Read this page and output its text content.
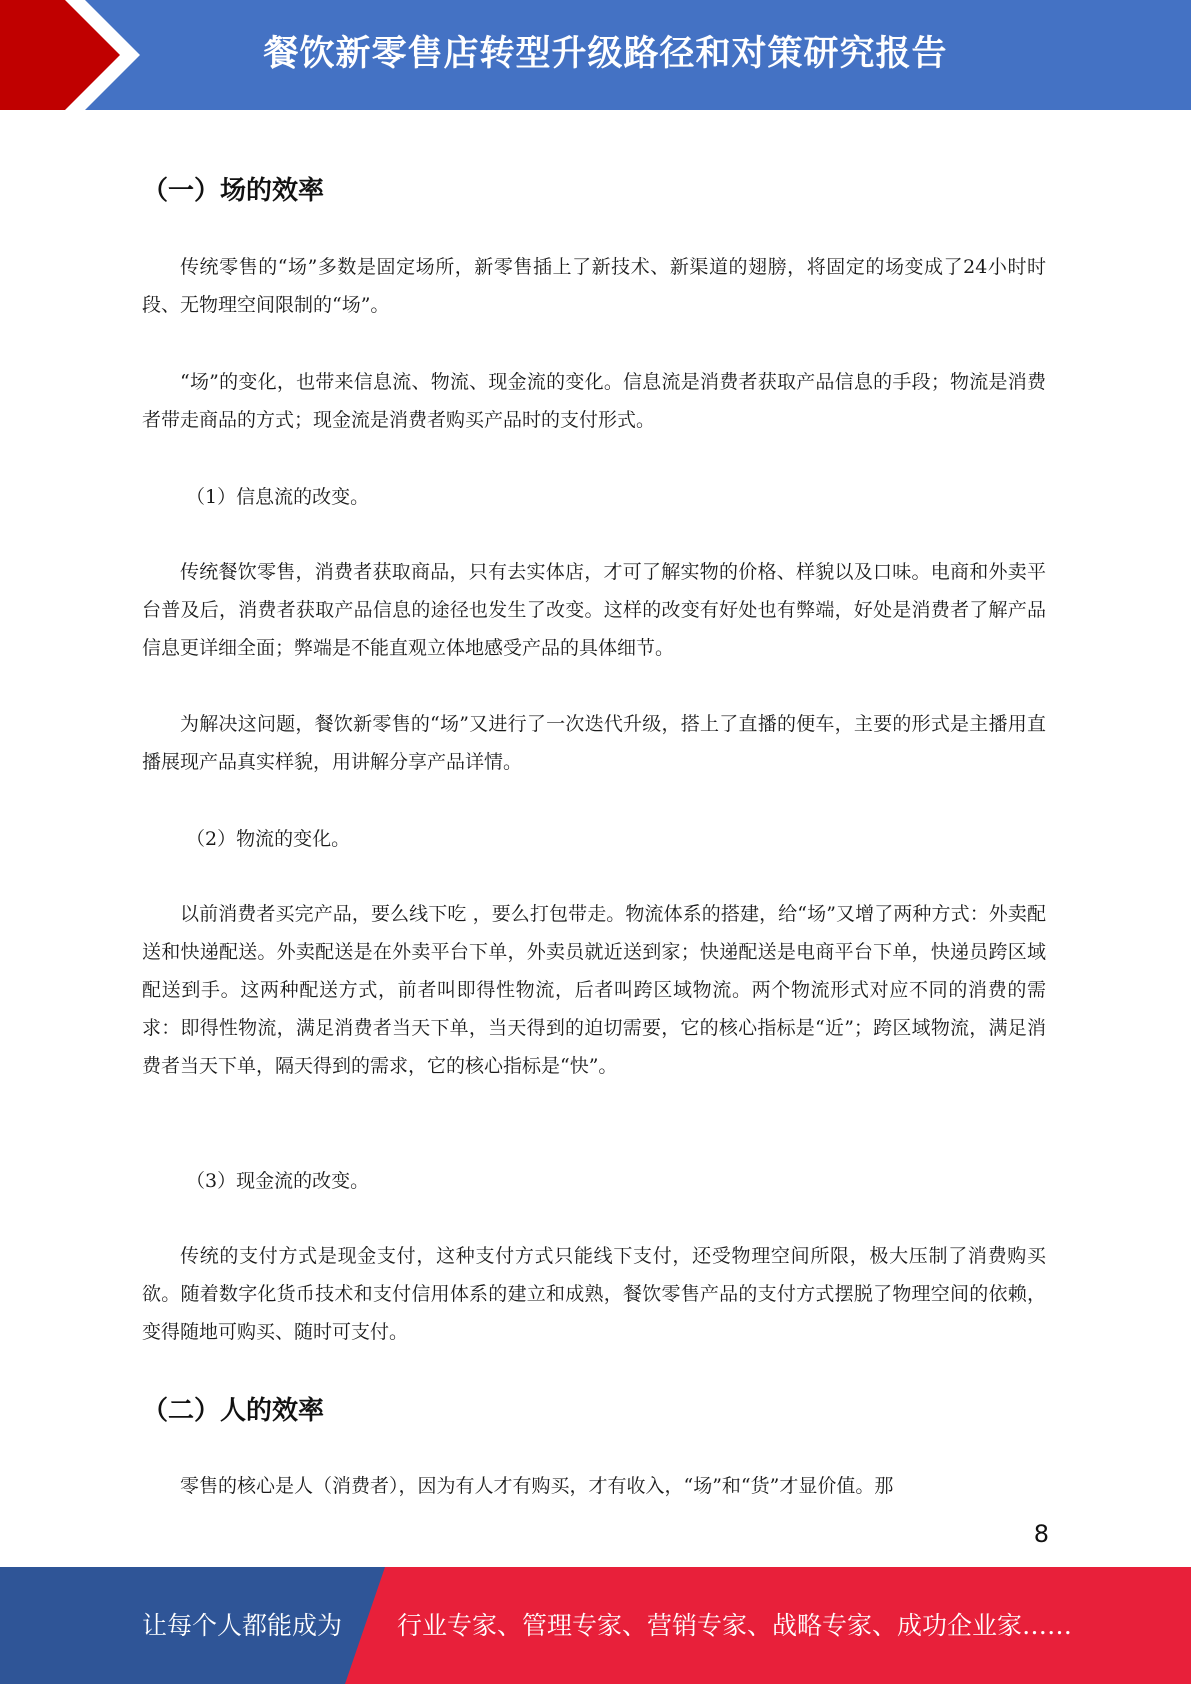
餐饮新零售店转型升级路径和对策研究报告
（一）场的效率

传统零售的“场”多数是固定场所，新零售插上了新技术、新渠道的翅膀，将固定的场变成了24小时时段、无物理空间限制的“场”。

“场”的变化，也带来信息流、物流、现金流的变化。信息流是消费者获取产品信息的手段；物流是消费者带走商品的方式；现金流是消费者购买产品时的支付形式。

（1）信息流的改变。

传统餐饮零售，消费者获取商品，只有去实体店，才可了解实物的价格、样貌以及口味。电商和外卖平台普及后，消费者获取产品信息的途径也发生了改变。这样的改变有好处也有弊端，好处是消费者了解产品信息更详细全面；弊端是不能直观立体地感受产品的具体细节。

为解决这问题，餐饮新零售的“场”又进行了一次迭代升级，搭上了直播的便车，主要的形式是主播用直播展现产品真实样貌，用讲解分享产品详情。

（2）物流的变化。

以前消费者买完产品，要么线下吃 ，要么打包带走。物流体系的搭建，给“场”又增了两种方式：外卖配送和快递配送。外卖配送是在外卖平台下单，外卖员就近送到家；快递配送是电商平台下单，快递员跨区域配送到手。这两种配送方式，前者叫即得性物流，后者叫跨区域物流。两个物流形式对应不同的消费的需求：即得性物流，满足消费者当天下单，当天得到的迫切需要，它的核心指标是“近”；跨区域物流，满足消费者当天下单，隔天得到的需求，它的核心指标是“快”。

（3）现金流的改变。

传统的支付方式是现金支付，这种支付方式只能线下支付，还受物理空间所限，极大压制了消费购买欲。随着数字化货币技术和支付信用体系的建立和成熟，餐饮零售产品的支付方式摆脱了物理空间的依赖，变得随地可购买、随时可支付。

（二）人的效率

零售的核心是人（消费者），因为有人才有购买，才有收入，“场”和“货”才显价值。那

8
让每个人都能成为 行业专家、管理专家、营销专家、战略专家、成功企业家……
